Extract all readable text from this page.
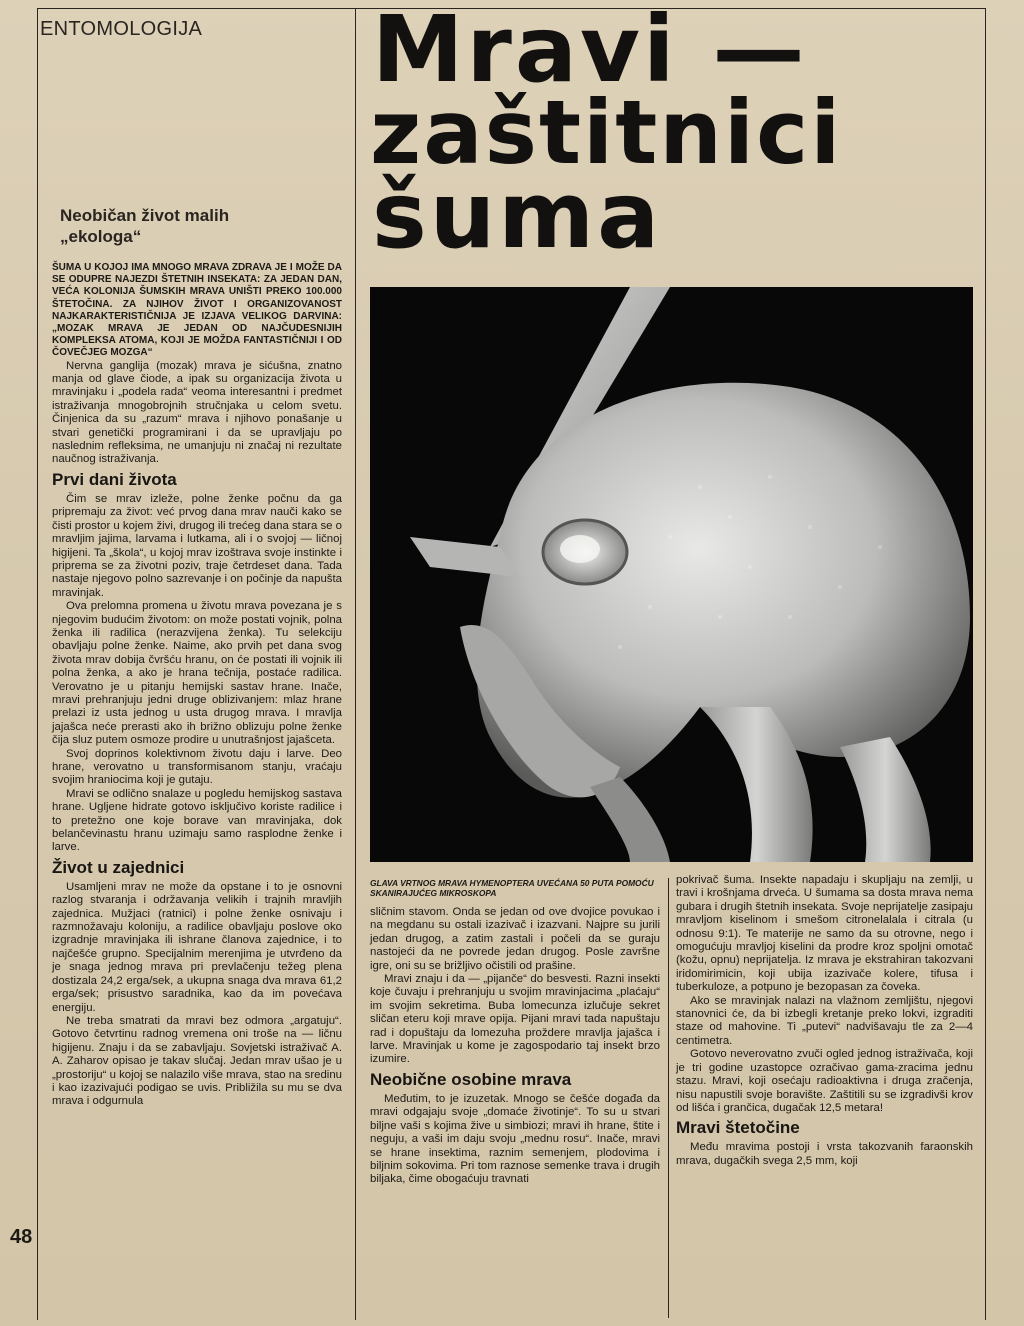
ENTOMOLOGIJA Mravi —
zaštitnici
šuma
Neobičan život malih
„ekologa“

ŠUMA U KOJOJ IMA MNOGO MRAVA ZDRAVA JE I MOŽE DA SE ODUPRE NAJEZDI ŠTETNIH INSEKATA: ZA JEDAN DAN, VEĆA KOLONIJA ŠUMSKIH MRAVA UNIŠTI PREKO 100.000 ŠTETOČINA. ZA NJIHOV ŽIVOT I ORGANIZOVANOST NAJKARAKTERISTIČNIJA JE IZJAVA VELIKOG DARVINA: „MOZAK MRAVA JE JEDAN OD NAJČUDESNIJIH KOMPLEKSA ATOMA, KOJI JE MOŽDA FANTASTIČNIJI I OD ČOVEČJEG MOZGA“

Nervna ganglija (mozak) mrava je sićušna, znatno manja od glave čiode, a ipak su organizacija života u mravinjaku i „podela rada“ veoma interesantni i predmet istraživanja mnogobrojnih stručnjaka u celom svetu. Činjenica da su „razum“ mrava i njihovo ponašanje u stvari genetički programirani i da se upravljaju po naslednim refleksima, ne umanjuju ni značaj ni rezultate naučnog istraživanja.

Prvi dani života

Čim se mrav izleže, polne ženke počnu da ga pripremaju za život: već prvog dana mrav nauči kako se čisti prostor u kojem živi, drugog ili trećeg dana stara se o mravljim jajima, larvama i lutkama, ali i o svojoj — ličnoj higijeni. Ta „škola“, u kojoj mrav izoštrava svoje instinkte i priprema se za životni poziv, traje četrdeset dana. Tada nastaje njegovo polno sazrevanje i on počinje da napušta mravinjak.

Ova prelomna promena u životu mrava povezana je s njegovim budućim životom: on može postati vojnik, polna ženka ili radilica (nerazvijena ženka). Tu selekciju obavljaju polne ženke. Naime, ako prvih pet dana svog života mrav dobija čvršću hranu, on će postati ili vojnik ili polna ženka, a ako je hrana tečnija, postaće radilica. Verovatno je u pitanju hemijski sastav hrane. Inače, mravi prehranjuju jedni druge oblizivanjem: mlaz hrane prelazi iz usta jednog u usta drugog mrava. I mravlja jajašca neće prerasti ako ih brižno oblizuju polne ženke čija sluz putem osmoze prodire u unutrašnjost jajašceta.

Svoj doprinos kolektivnom životu daju i larve. Deo hrane, verovatno u transformisanom stanju, vraćaju svojim hraniocima koji je gutaju.

Mravi se odlično snalaze u pogledu hemijskog sastava hrane. Ugljene hidrate gotovo isključivo koriste radilice i to pretežno one koje borave van mravinjaka, dok belančevinastu hranu uzimaju samo rasplodne ženke i larve.

Život u zajednici

Usamljeni mrav ne može da opstane i to je osnovni razlog stvaranja i održavanja velikih i trajnih mravljih zajednica. Mužjaci (ratnici) i polne ženke osnivaju i razmnožavaju koloniju, a radilice obavljaju poslove oko izgradnje mravinjaka ili ishrane članova zajednice, i to najčešće grupno. Specijalnim merenjima je utvrđeno da je snaga jednog mrava pri prevlačenju težeg plena dostizala 24,2 erga/sek, a ukupna snaga dva mrava 61,2 erga/sek; prisustvo saradnika, kao da im povećava energiju.

Ne treba smatrati da mravi bez odmora „argatuju“. Gotovo četvrtinu radnog vremena oni troše na — ličnu higijenu. Znaju i da se zabavljaju. Sovjetski istraživač A. A. Zaharov opisao je takav slučaj. Jedan mrav ušao je u „prostoriju“ u kojoj se nalazilo više mrava, stao na sredinu i kao izazivajući podigao se uvis. Približila su mu se dva mrava i odgurnula

GLAVA VRTNOG MRAVA HYMENOPTERA UVEĆANA 50 PUTA POMOĆU SKANIRAJUĆEG MIKROSKOPA

sličnim stavom. Onda se jedan od ove dvojice povukao i na megdanu su ostali izazivač i izazvani. Najpre su jurili jedan drugog, a zatim zastali i počeli da se guraju nastojeći da ne povrede jedan drugog. Posle završne igre, oni su se brižljivo očistili od prašine.

Mravi znaju i da — „pijanče“ do besvesti. Razni insekti koje čuvaju i prehranjuju u svojim mravinjacima „plaćaju“ im svojim sekretima. Buba lomecunza izlučuje sekret sličan eteru koji mrave opija. Pijani mravi tada napuštaju rad i dopuštaju da lomezuha proždere mravlja jajašca i larve. Mravinjak u kome je zagospodario taj insekt brzo izumire.

Neobične osobine mrava

Međutim, to je izuzetak. Mnogo se češće događa da mravi odgajaju svoje „domaće životinje“. To su u stvari biljne vaši s kojima žive u simbiozi; mravi ih hrane, štite i neguju, a vaši im daju svoju „mednu rosu“. Inače, mravi se hrane insektima, raznim semenjem, plodovima i biljnim sokovima. Pri tom raznose semenke trava i drugih biljaka, čime obogaćuju travnati

pokrivač šuma. Insekte napadaju i skupljaju na zemlji, u travi i krošnjama drveća. U šumama sa dosta mrava nema gubara i drugih štetnih insekata. Svoje neprijatelje zasipaju mravljom kiselinom i smešom citronelalala i citrala (u odnosu 9:1). Te materije ne samo da su otrovne, nego i omogućuju mravljoj kiselini da prodre kroz spoljni omotač (kožu, opnu) neprijatelja. Iz mrava je ekstrahiran takozvani iridomirimicin, koji ubija izazivače kolere, tifusa i tuberkuloze, a potpuno je bezopasan za čoveka.

Ako se mravinjak nalazi na vlažnom zemljištu, njegovi stanovnici će, da bi izbegli kretanje preko lokvi, izgraditi staze od mahovine. Ti „putevi“ nadvišavaju tle za 2—4 centimetra.

Gotovo neverovatno zvuči ogled jednog istraživača, koji je tri godine uzastopce ozračivao gama-zracima jednu stazu. Mravi, koji osećaju radioaktivna i druga zračenja, nisu napustili svoje boravište. Zaštitili su se izgradivši krov od lišća i grančica, dugačak 12,5 metara!

Mravi štetočine

Među mravima postoji i vrsta takozvanih faraonskih mrava, dugačkih svega 2,5 mm, koji

48
